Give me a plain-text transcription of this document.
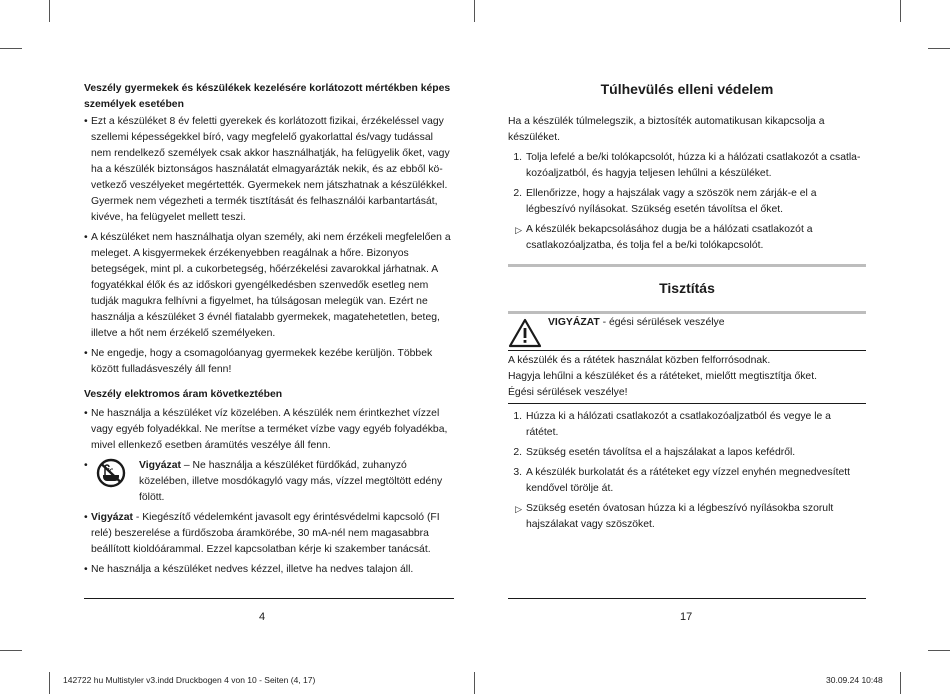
Veszély gyermekek és készülékek kezelésére korlátozott mértékben képes személyek esetében
• Ezt a készüléket 8 év feletti gyerekek és korlátozott fizikai, érzékeléssel vagy szellemi képességekkel bíró, vagy megfelelő gyakorlattal és/vagy tudással nem rendelkező személyek csak akkor használhatják, ha felügyelik őket, vagy ha a készülék biztonságos használatát elmagyarázták nekik, és az ebből következő veszélyeket megértették. Gyermekek nem játszhatnak a készülékkel. Gyermek nem végezheti a termék tisztítását és felhasználói karbantartását, kivéve, ha felügyelet mellett teszi.
• A készüléket nem használhatja olyan személy, aki nem érzékeli megfelelően a meleget. A kisgyermekek érzékenyebben reagálnak a hőre. Bizonyos betegségek, mint pl. a cukorbetegség, hőérzékelési zavarokkal járhatnak. A fogyatékkal élők és az időskori gyengélkedésben szenvedők esetleg nem tudják magukra felhívni a figyelmet, ha túlságosan melegük van. Ezért ne használja a készüléket 3 évnél fiatalabb gyermekek, magatehetetlen, beteg, illetve a hőt nem érzékelő személyeken.
• Ne engedje, hogy a csomagolóanyag gyermekek kezébe kerüljön. Többek között fulladásveszély áll fenn!
Veszély elektromos áram következtében
• Ne használja a készüléket víz közelében. A készülék nem érintkezhet vízzel vagy egyéb folyadékkal. Ne merítse a terméket vízbe vagy egyéb folyadékba, mivel ellenkező esetben áramütés veszélye áll fenn.
•	Vigyázat – Ne használja a készüléket fürdőkád, zuhanyzó közelében, illetve mosdókagyló vagy más, vízzel megtöltött edény fölött.
• Vigyázat - Kiegészítő védelemként javasolt egy érintésvédelmi kapcsoló (FI relé) beszerelése a fürdőszoba áramkörébe, 30 mA-nél nem magasabbra beállított kioldóárammal. Ezzel kapcsolatban kérje ki szakember tanácsát.
• Ne használja a készüléket nedves kézzel, illetve ha nedves talajon áll.
4
Túlhevülés elleni védelem
Ha a készülék túlmelegszik, a biztosíték automatikusan kikapcsolja a készüléket.
1. Tolja lefelé a be/ki tolókapcsolót, húzza ki a hálózati csatlakozót a csatlakozóaljzatból, és hagyja teljesen lehűlni a készüléket.
2. Ellenőrizze, hogy a hajszálak vagy a szöszök nem zárják-e el a légbeszívó nyílásokat. Szükség esetén távolítsa el őket.
▷ A készülék bekapcsolásához dugja be a hálózati csatlakozót a csatlakozóaljzatba, és tolja fel a be/ki tolókapcsolót.
Tisztítás
VIGYÁZAT - égési sérülések veszélye
A készülék és a rátétek használat közben felforrósodnak.
Hagyja lehűlni a készüléket és a rátéteket, mielőtt megtisztítja őket.
Égési sérülések veszélye!
1. Húzza ki a hálózati csatlakozót a csatlakozóaljzatból és vegye le a rátétet.
2. Szükség esetén távolítsa el a hajszálakat a lapos kefédről.
3. A készülék burkolatát és a rátéteket egy vízzel enyhén megnedvesített kendővel törölje át.
▷ Szükség esetén óvatosan húzza ki a légbeszívó nyílásokba szorult hajszálakat vagy szöszöket.
17
142722 hu Multistyler v3.indd Druckbogen 4 von 10 - Seiten (4, 17)	30.09.24 10:48
